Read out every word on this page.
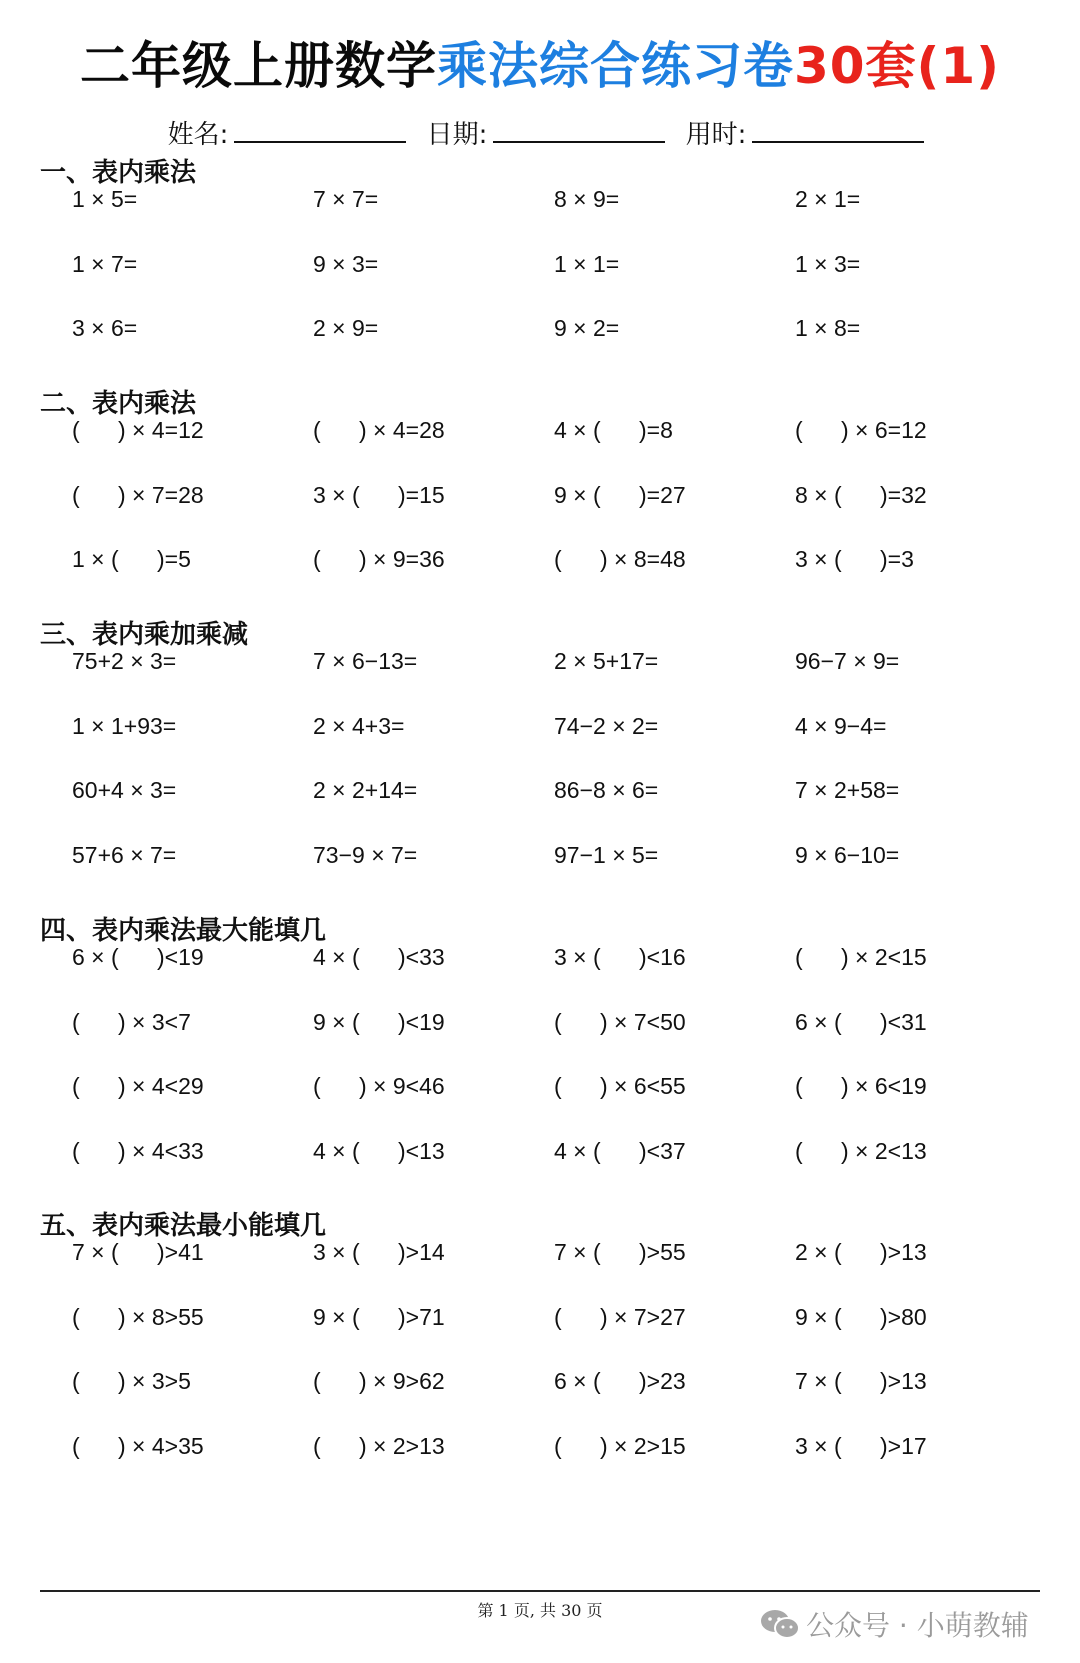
二年级上册数学乘法综合练习卷30套(1)
姓名:	日期:	用时:
一、表内乘法
1 × 5=	7 × 7=	8 × 9=	2 × 1=
1 × 7=	9 × 3=	1 × 1=	1 × 3=
3 × 6=	2 × 9=	9 × 2=	1 × 8=
二、表内乘法
(      ) × 4=12	(      ) × 4=28	4 × (      )=8	(      ) × 6=12
(      ) × 7=28	3 × (      )=15	9 × (      )=27	8 × (      )=32
1 × (      )=5	(      ) × 9=36	(      ) × 8=48	3 × (      )=3
三、表内乘加乘减
75+2 × 3=	7 × 6−13=	2 × 5+17=	96−7 × 9=
1 × 1+93=	2 × 4+3=	74−2 × 2=	4 × 9−4=
60+4 × 3=	2 × 2+14=	86−8 × 6=	7 × 2+58=
57+6 × 7=	73−9 × 7=	97−1 × 5=	9 × 6−10=
四、表内乘法最大能填几
6 × (      )<19	4 × (      )<33	3 × (      )<16	(      ) × 2<15
(      ) × 3<7	9 × (      )<19	(      ) × 7<50	6 × (      )<31
(      ) × 4<29	(      ) × 9<46	(      ) × 6<55	(      ) × 6<19
(      ) × 4<33	4 × (      )<13	4 × (      )<37	(      ) × 2<13
五、表内乘法最小能填几
7 × (      )>41	3 × (      )>14	7 × (      )>55	2 × (      )>13
(      ) × 8>55	9 × (      )>71	(      ) × 7>27	9 × (      )>80
(      ) × 3>5	(      ) × 9>62	6 × (      )>23	7 × (      )>13
(      ) × 4>35	(      ) × 2>13	(      ) × 2>15	3 × (      )>17
第 1 页, 共 30 页	公众号 · 小萌教辅
